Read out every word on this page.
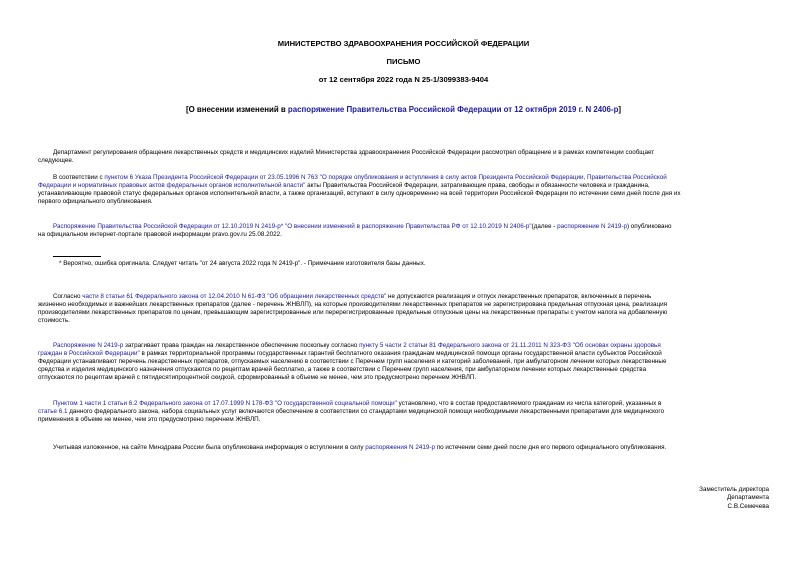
МИНИСТЕРСТВО ЗДРАВООХРАНЕНИЯ РОССИЙСКОЙ ФЕДЕРАЦИИ
ПИСЬМО
от 12 сентября 2022 года N 25-1/3099383-9404
[О внесении изменений в распоряжение Правительства Российской Федерации от 12 октября 2019 г. N 2406-р]
Департамент регулирования обращения лекарственных средств и медицинских изделий Министерства здравоохранения Российской Федерации рассмотрел обращение и в рамках компетенции сообщает
следующее.
В соответствии с пунктом 6 Указа Президента Российской Федерации от 23.05.1996 N 763 "О порядке опубликования и вступления в силу актов Президента Российской Федерации, Правительства Российской
Федерации и нормативных правовых актов федеральных органов исполнительной власти" акты Правительства Российской Федерации, затрагивающие права, свободы и обязанности человека и гражданина,
устанавливающие правовой статус федеральных органов исполнительной власти, а также организаций, вступают в силу одновременно на всей территории Российской Федерации по истечении семи дней после дня их
первого официального опубликования.
Распоряжение Правительства Российской Федерации от 12.10.2019 N 2419-р* "О внесении изменений в распоряжение Правительства РФ от 12.10.2019 N 2406-р"(далее - распоряжение N 2419-р) опубликовано
на официальном интернет-портале правовой информации pravo.gov.ru 25.08.2022.
* Вероятно, ошибка оригинала. Следует читать "от 24 августа 2022 года N 2419-р". - Примечание изготовителя базы данных.
Согласно части 8 статьи 61 Федерального закона от 12.04.2010 N 61-ФЗ "Об обращении лекарственных средств" не допускаются реализация и отпуск лекарственных препаратов, включенных в перечень
жизненно необходимых и важнейших лекарственных препаратов (далее - перечень ЖНВЛП), на которые производителями лекарственных препаратов не зарегистрирована предельная отпускная цена, реализация
производителями лекарственных препаратов по ценам, превышающим зарегистрированные или перерегистрированные предельные отпускные цены на лекарственные препараты с учетом налога на добавленную
стоимость.
Распоряжение N 2419-р затрагивает права граждан на лекарственное обеспечение поскольку согласно пункту 5 части 2 статьи 81 Федерального закона от 21.11.2011 N 323-ФЗ "Об основах охраны здоровья
граждан в Российской Федерации" в рамках территориальной программы государственных гарантий бесплатного оказания гражданам медицинской помощи органы государственной власти субъектов Российской
Федерации устанавливают перечень лекарственных препаратов, отпускаемых населению в соответствии с Перечнем групп населения и категорий заболеваний, при амбулаторном лечении которых лекарственные
средства и изделия медицинского назначения отпускаются по рецептам врачей бесплатно, а также в соответствии с Перечнем групп населения, при амбулаторном лечении которых лекарственные средства
отпускаются по рецептам врачей с пятидесятипроцентной скидкой, сформированный в объеме не менее, чем это предусмотрено перечнем ЖНВЛП.
Пунктом 1 части 1 статьи 6.2 Федерального закона от 17.07.1999 N 178-ФЗ "О государственной социальной помощи" установлено, что в состав предоставляемого гражданам из числа категорий, указанных в
статье 6.1 данного федерального закона, набора социальных услуг включаются обеспечение в соответствии со стандартами медицинской помощи необходимыми лекарственными препаратами для медицинского
применения в объеме не менее, чем это предусмотрено перечнем ЖНВЛП.
Учитывая изложенное, на сайте Минздрава России была опубликована информация о вступлении в силу распоряжения N 2419-р по истечении семи дней после дня его первого официального опубликования.
Заместитель директора
Департамента
С.В.Семечева
